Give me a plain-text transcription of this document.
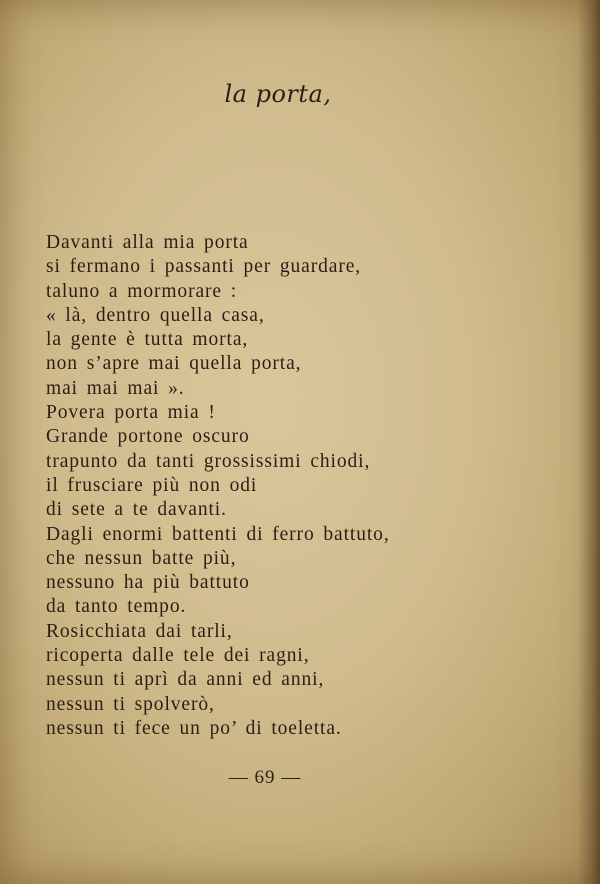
la porta,
Davanti alla mia porta
si fermano i passanti per guardare,
taluno a mormorare :
« là, dentro quella casa,
la gente è tutta morta,
non s’apre mai quella porta,
mai mai mai ».
Povera porta mia !
Grande portone oscuro
trapunto da tanti grossissimi chiodi,
il frusciare più non odi
di sete a te davanti.
Dagli enormi battenti di ferro battuto,
che nessun batte più,
nessuno ha più battuto
da tanto tempo.
Rosicchiata dai tarli,
ricoperta dalle tele dei ragni,
nessun ti aprì da anni ed anni,
nessun ti spolverò,
nessun ti fece un po’ di toeletta.
— 69 —
